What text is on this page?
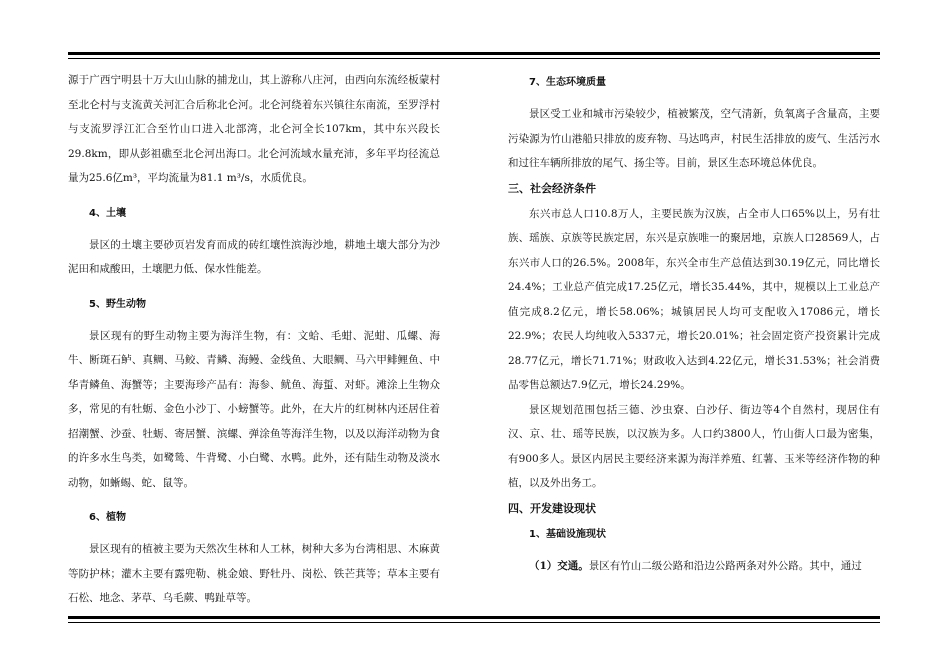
源于广西宁明县十万大山山脉的捕龙山，其上游称八庄河，由西向东流经板蒙村至北仑村与支流黄关河汇合后称北仑河。北仑河绕着东兴镇往东南流，至罗浮村与支流罗浮江汇合至竹山口进入北部湾，北仑河全长107km，其中东兴段长29.8km，即从彭祖礁至北仑河出海口。北仑河流域水量充沛，多年平均径流总量为25.6亿m³，平均流量为81.1 m³/s，水质优良。

4、土壤

景区的土壤主要砂页岩发育而成的砖红壤性滨海沙地，耕地土壤大部分为沙泥田和咸酸田，土壤肥力低、保水性能差。

5、野生动物

景区现有的野生动物主要为海洋生物，有：文蛤、毛蚶、泥蚶、瓜螺、海牛、断斑石鲈、真鲷、马鲛、青鳞、海鳗、金线鱼、大眼鲷、马六甲鲱鲤鱼、中华青鳞鱼、海蟹等；主要海珍产品有：海参、鱿鱼、海蜇、对虾。滩涂上生物众多，常见的有牡蛎、金色小沙丁、小螃蟹等。此外，在大片的红树林内还居住着招潮蟹、沙蚕、牡蛎、寄居蟹、滨螺、弹涂鱼等海洋生物，以及以海洋动物为食的许多水生鸟类，如鹭鸶、牛背鹭、小白鹭、水鸭。此外，还有陆生动物及淡水动物，如蜥蜴、蛇、鼠等。

6、植物

景区现有的植被主要为天然次生林和人工林，树种大多为台湾相思、木麻黄等防护林；灌木主要有露兜勒、桃金娘、野牡丹、岗松、铁芒萁等；草本主要有石松、地念、茅草、乌毛蕨、鸭趾草等。

7、生态环境质量

景区受工业和城市污染较少，植被繁茂，空气清新，负氧离子含量高，主要污染源为竹山港船只排放的废弃物、马达鸣声，村民生活排放的废气、生活污水和过往车辆所排放的尾气、扬尘等。目前，景区生态环境总体优良。

三、社会经济条件

东兴市总人口10.8万人，主要民族为汉族，占全市人口65%以上，另有壮族、瑶族、京族等民族定居，东兴是京族唯一的聚居地，京族人口28569人，占东兴市人口的26.5%。2008年，东兴全市生产总值达到30.19亿元，同比增长24.4%；工业总产值完成17.25亿元，增长35.44%，其中，规模以上工业总产值完成8.2亿元，增长58.06%；城镇居民人均可支配收入17086元，增长22.9%；农民人均纯收入5337元，增长20.01%；社会固定资产投资累计完成28.77亿元，增长71.71%；财政收入达到4.22亿元，增长31.53%；社会消费品零售总额达7.9亿元，增长24.29%。

景区规划范围包括三德、沙虫寮、白沙仔、街边等4个自然村，现居住有汉、京、壮、瑶等民族，以汉族为多。人口约3800人，竹山街人口最为密集，有900多人。景区内居民主要经济来源为海洋养殖、红薯、玉米等经济作物的种植，以及外出务工。

四、开发建设现状
1、基础设施现状

（1）交通。景区有竹山二级公路和沿边公路两条对外公路。其中，通过
